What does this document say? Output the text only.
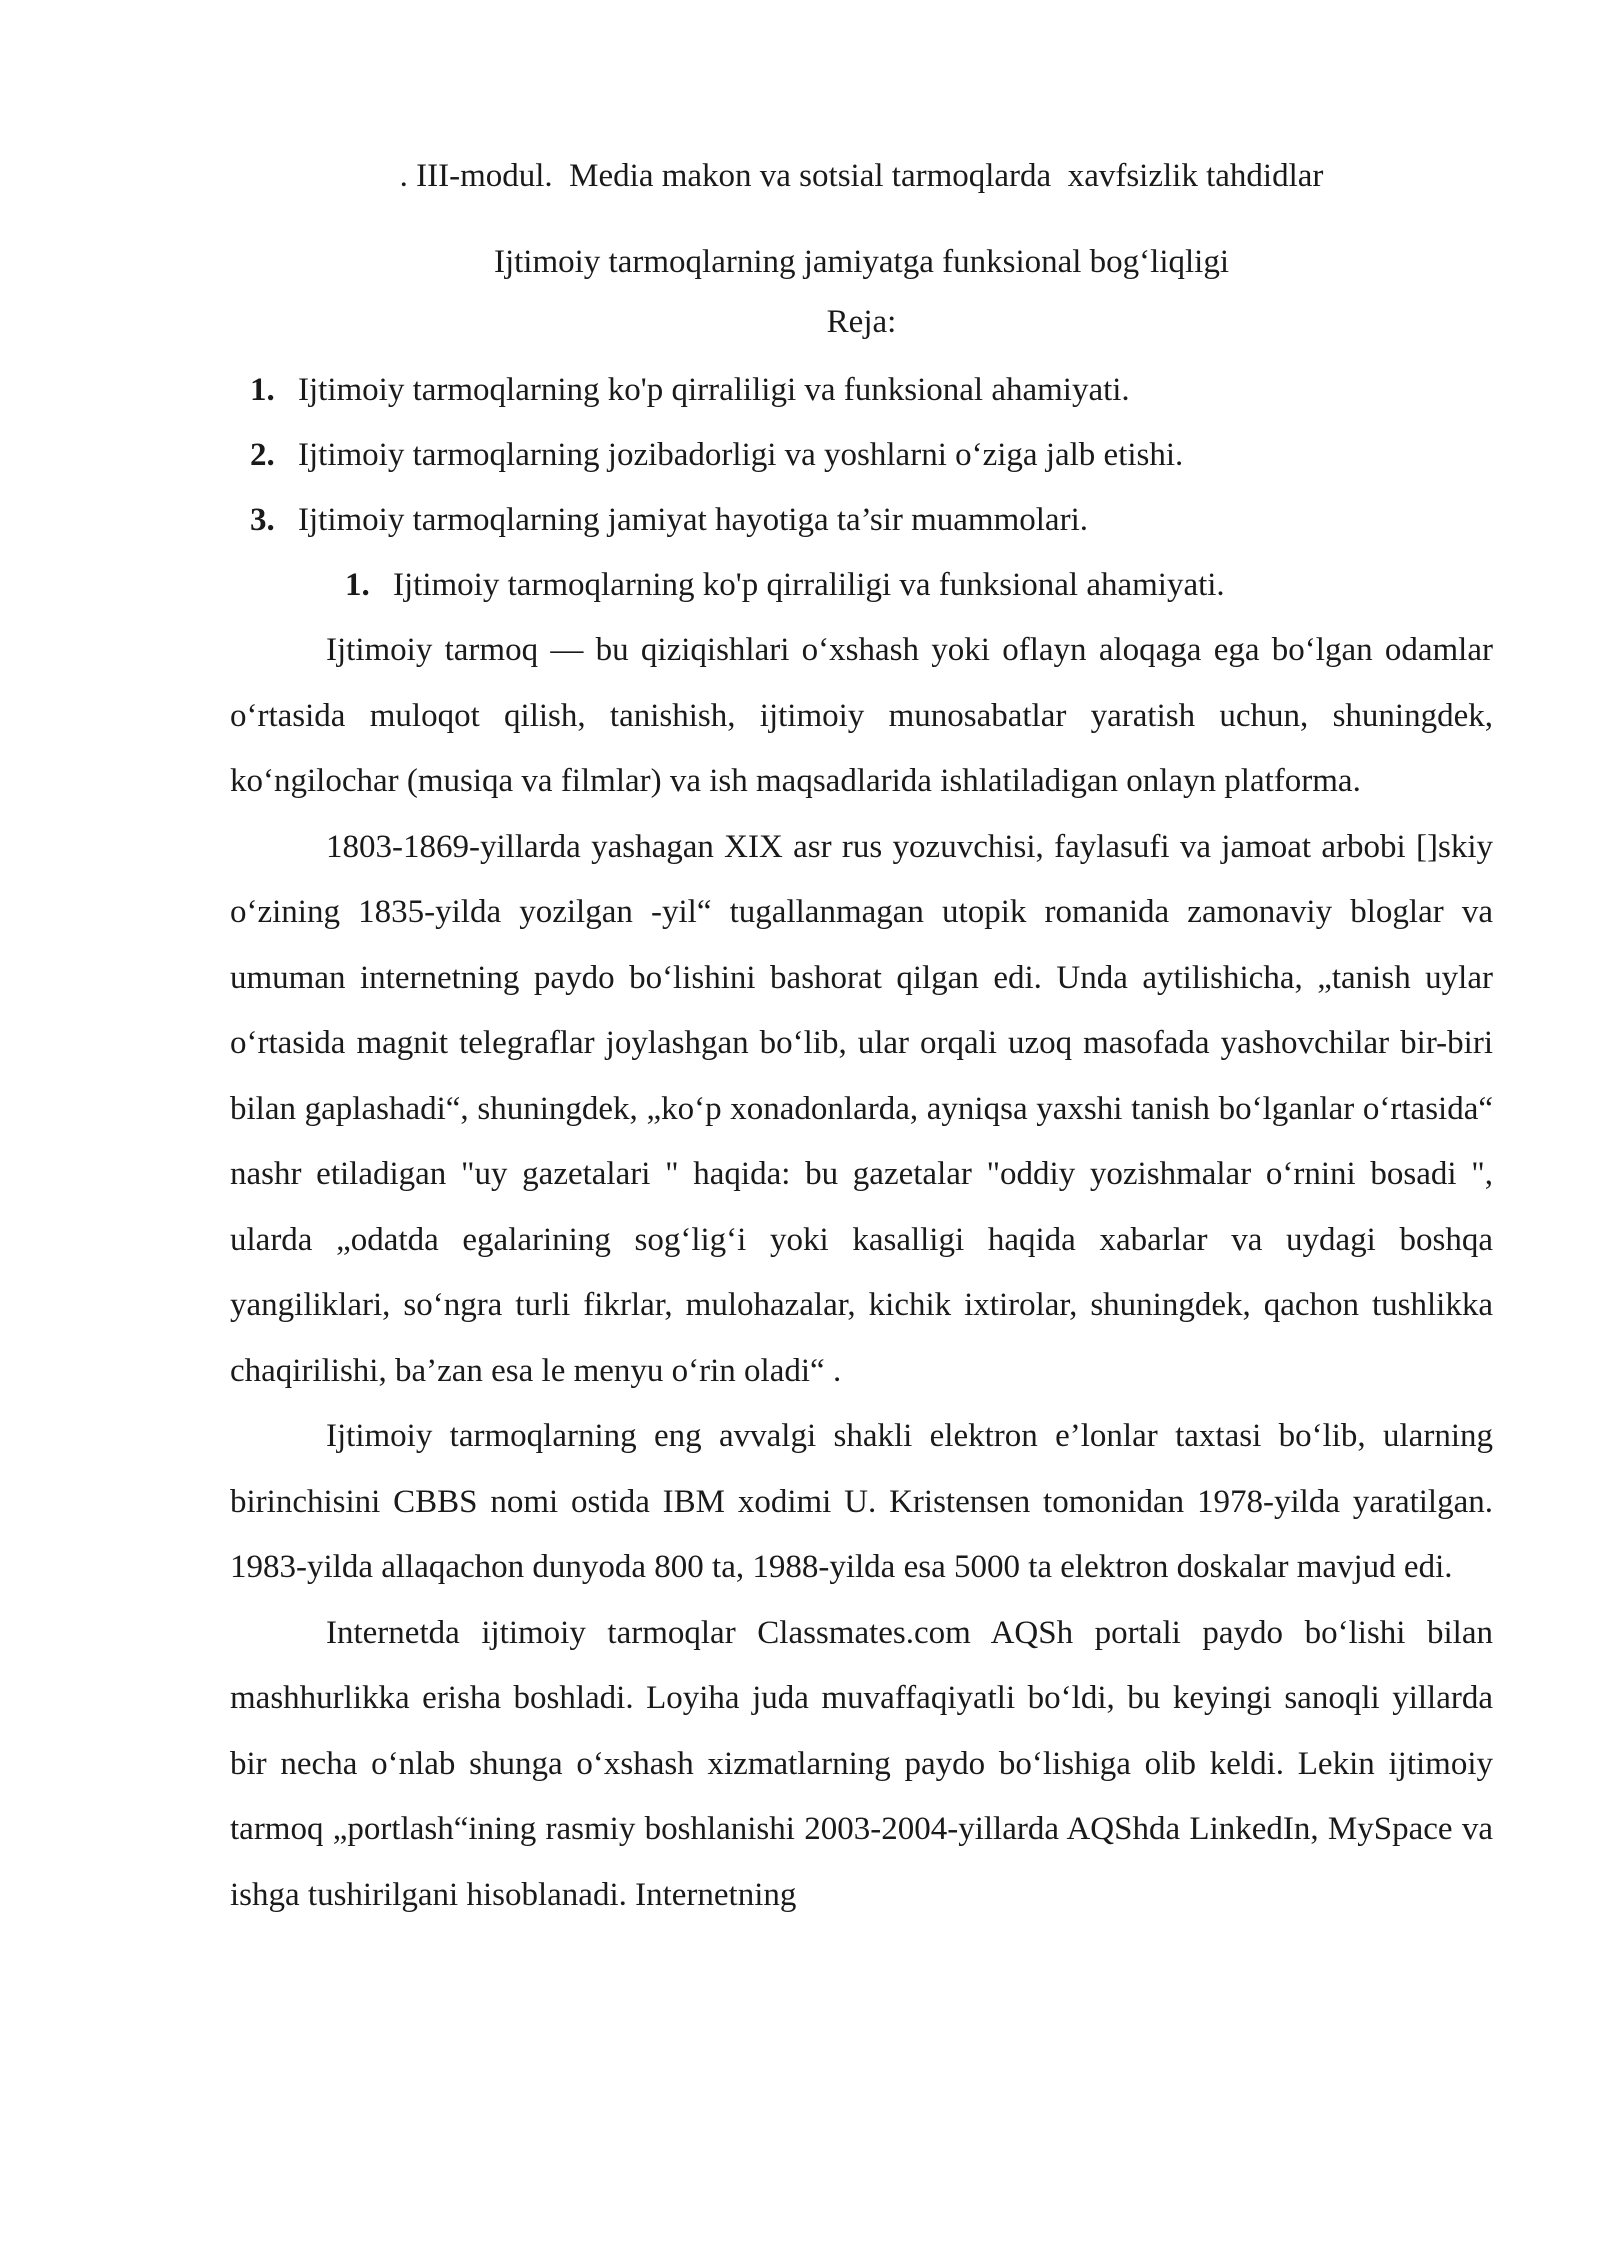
. III-modul.  Media makon va sotsial tarmoqlarda  xavfsizlik tahdidlar
Ijtimoiy tarmoqlarning jamiyatga funksional bog‘liqligi
Reja:
1. Ijtimoiy tarmoqlarning ko'p qirraliligi va funksional ahamiyati.
2. Ijtimoiy tarmoqlarning jozibadorligi va yoshlarni o‘ziga jalb etishi.
3. Ijtimoiy tarmoqlarning jamiyat hayotiga ta’sir muammolari.
1. Ijtimoiy tarmoqlarning ko'p qirraliligi va funksional ahamiyati.

Ijtimoiy tarmoq — bu qiziqishlari o‘xshash yoki oflayn aloqaga ega bo‘lgan odamlar o‘rtasida muloqot qilish, tanishish, ijtimoiy munosabatlar yaratish uchun, shuningdek, ko‘ngilochar (musiqa va filmlar) va ish maqsadlarida ishlatiladigan onlayn platforma.

1803-1869-yillarda yashagan XIX asr rus yozuvchisi, faylasufi va jamoat arbobi []skiy o‘zining 1835-yilda yozilgan -yil“ tugallanmagan utopik romanida zamonaviy bloglar va umuman internetning paydo bo‘lishini bashorat qilgan edi. Unda aytilishicha, „tanish uylar o‘rtasida magnit telegraflar joylashgan bo‘lib, ular orqali uzoq masofada yashovchilar bir-biri bilan gaplashadi“, shuningdek, „ko‘p xonadonlarda, ayniqsa yaxshi tanish bo‘lganlar o‘rtasida“ nashr etiladigan "uy gazetalari " haqida: bu gazetalar "oddiy yozishmalar o‘rnini bosadi ", ularda „odatda egalarining sog‘lig‘i yoki kasalligi haqida xabarlar va uydagi boshqa yangiliklari, so‘ngra turli fikrlar, mulohazalar, kichik ixtirolar, shuningdek, qachon tushlikka chaqirilishi, ba’zan esa le menyu o‘rin oladi“ .

Ijtimoiy tarmoqlarning eng avvalgi shakli elektron e’lonlar taxtasi bo‘lib, ularning birinchisini CBBS nomi ostida IBM xodimi U. Kristensen tomonidan 1978-yilda yaratilgan. 1983-yilda allaqachon dunyoda 800 ta, 1988-yilda esa 5000 ta elektron doskalar mavjud edi.

Internetda ijtimoiy tarmoqlar Classmates.com AQSh portali paydo bo‘lishi bilan mashhurlikka erisha boshladi. Loyiha juda muvaffaqiyatli bo‘ldi, bu keyingi sanoqli yillarda bir necha o‘nlab shunga o‘xshash xizmatlarning paydo bo‘lishiga olib keldi. Lekin ijtimoiy tarmoq „portlash“ining rasmiy boshlanishi 2003-2004-yillarda AQShda LinkedIn, MySpace va ishga tushirilgani hisoblanadi. Internetning
